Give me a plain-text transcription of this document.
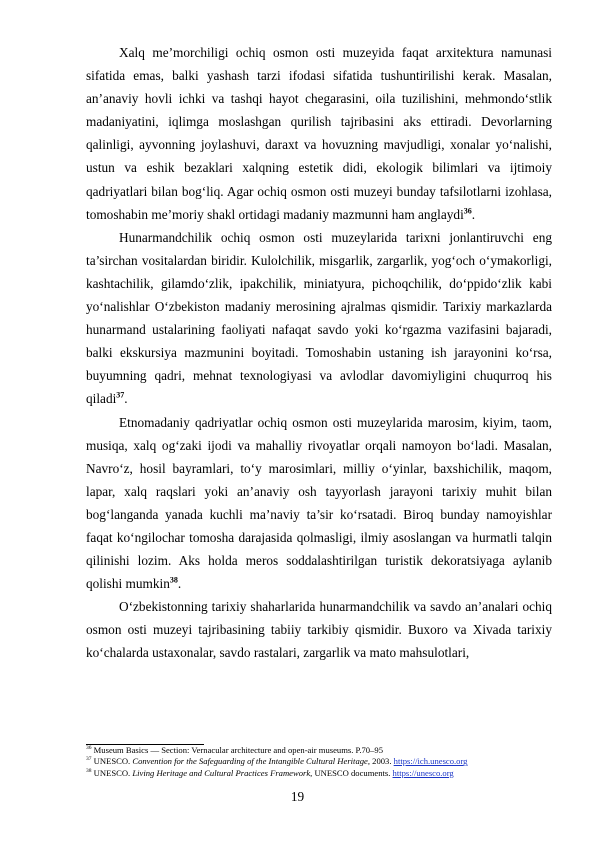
Xalq me’morchiligi ochiq osmon osti muzeyida faqat arxitektura namunasi sifatida emas, balki yashash tarzi ifodasi sifatida tushuntirilishi kerak. Masalan, an’anaviy hovli ichki va tashqi hayot chegarasini, oila tuzilishini, mehmondo‘stlik madaniyatini, iqlimga moslashgan qurilish tajribasini aks ettiradi. Devorlarning qalinligi, ayvonning joylashuvi, daraxt va hovuzning mavjudligi, xonalar yo‘nalishi, ustun va eshik bezaklari xalqning estetik didi, ekologik bilimlari va ijtimoiy qadriyatlari bilan bog‘liq. Agar ochiq osmon osti muzeyi bunday tafsilotlarni izohlasa, tomoshabin me’moriy shakl ortidagi madaniy mazmunni ham anglaydi$^{36}$.

Hunarmandchilik ochiq osmon osti muzeylarida tarixni jonlantiruvchi eng ta’sirchan vositalardan biridir. Kulolchilik, misgarlik, zargarlik, yog‘och o‘ymakorligi, kashtachilik, gilamdo‘zlik, ipakchilik, miniatyura, pichoqchilik, do‘ppido‘zlik kabi yo‘nalishlar O‘zbekiston madaniy merosining ajralmas qismidir. Tarixiy markazlarda hunarmand ustalarining faoliyati nafaqat savdo yoki ko‘rgazma vazifasini bajaradi, balki ekskursiya mazmunini boyitadi. Tomoshabin ustaning ish jarayonini ko‘rsa, buyumning qadri, mehnat texnologiyasi va avlodlar davomiyligini chuqurroq his qiladi$^{37}$.

Etnomadaniy qadriyatlar ochiq osmon osti muzeylarida marosim, kiyim, taom, musiqa, xalq og‘zaki ijodi va mahalliy rivoyatlar orqali namoyon bo‘ladi. Masalan, Navro‘z, hosil bayramlari, to‘y marosimlari, milliy o‘yinlar, baxshichilik, maqom, lapar, xalq raqslari yoki an’anaviy osh tayyorlash jarayoni tarixiy muhit bilan bog‘langanda yanada kuchli ma’naviy ta’sir ko‘rsatadi. Biroq bunday namoyishlar faqat ko‘ngilochar tomosha darajasida qolmasligi, ilmiy asoslangan va hurmatli talqin qilinishi lozim. Aks holda meros soddalashtirilgan turistik dekoratsiyaga aylanib qolishi mumkin$^{38}$.

O‘zbekistonning tarixiy shaharlarida hunarmandchilik va savdo an’analari ochiq osmon osti muzeyi tajribasining tabiiy tarkibiy qismidir. Buxoro va Xivada tarixiy ko‘chalarda ustaxonalar, savdo rastalari, zargarlik va mato mahsulotlari,

$^{36}$ Museum Basics — Section: Vernacular architecture and open-air museums. P.70–95
$^{37}$ UNESCO. Convention for the Safeguarding of the Intangible Cultural Heritage, 2003. https://ich.unesco.org
$^{38}$ UNESCO. Living Heritage and Cultural Practices Framework, UNESCO documents. https://unesco.org
19
